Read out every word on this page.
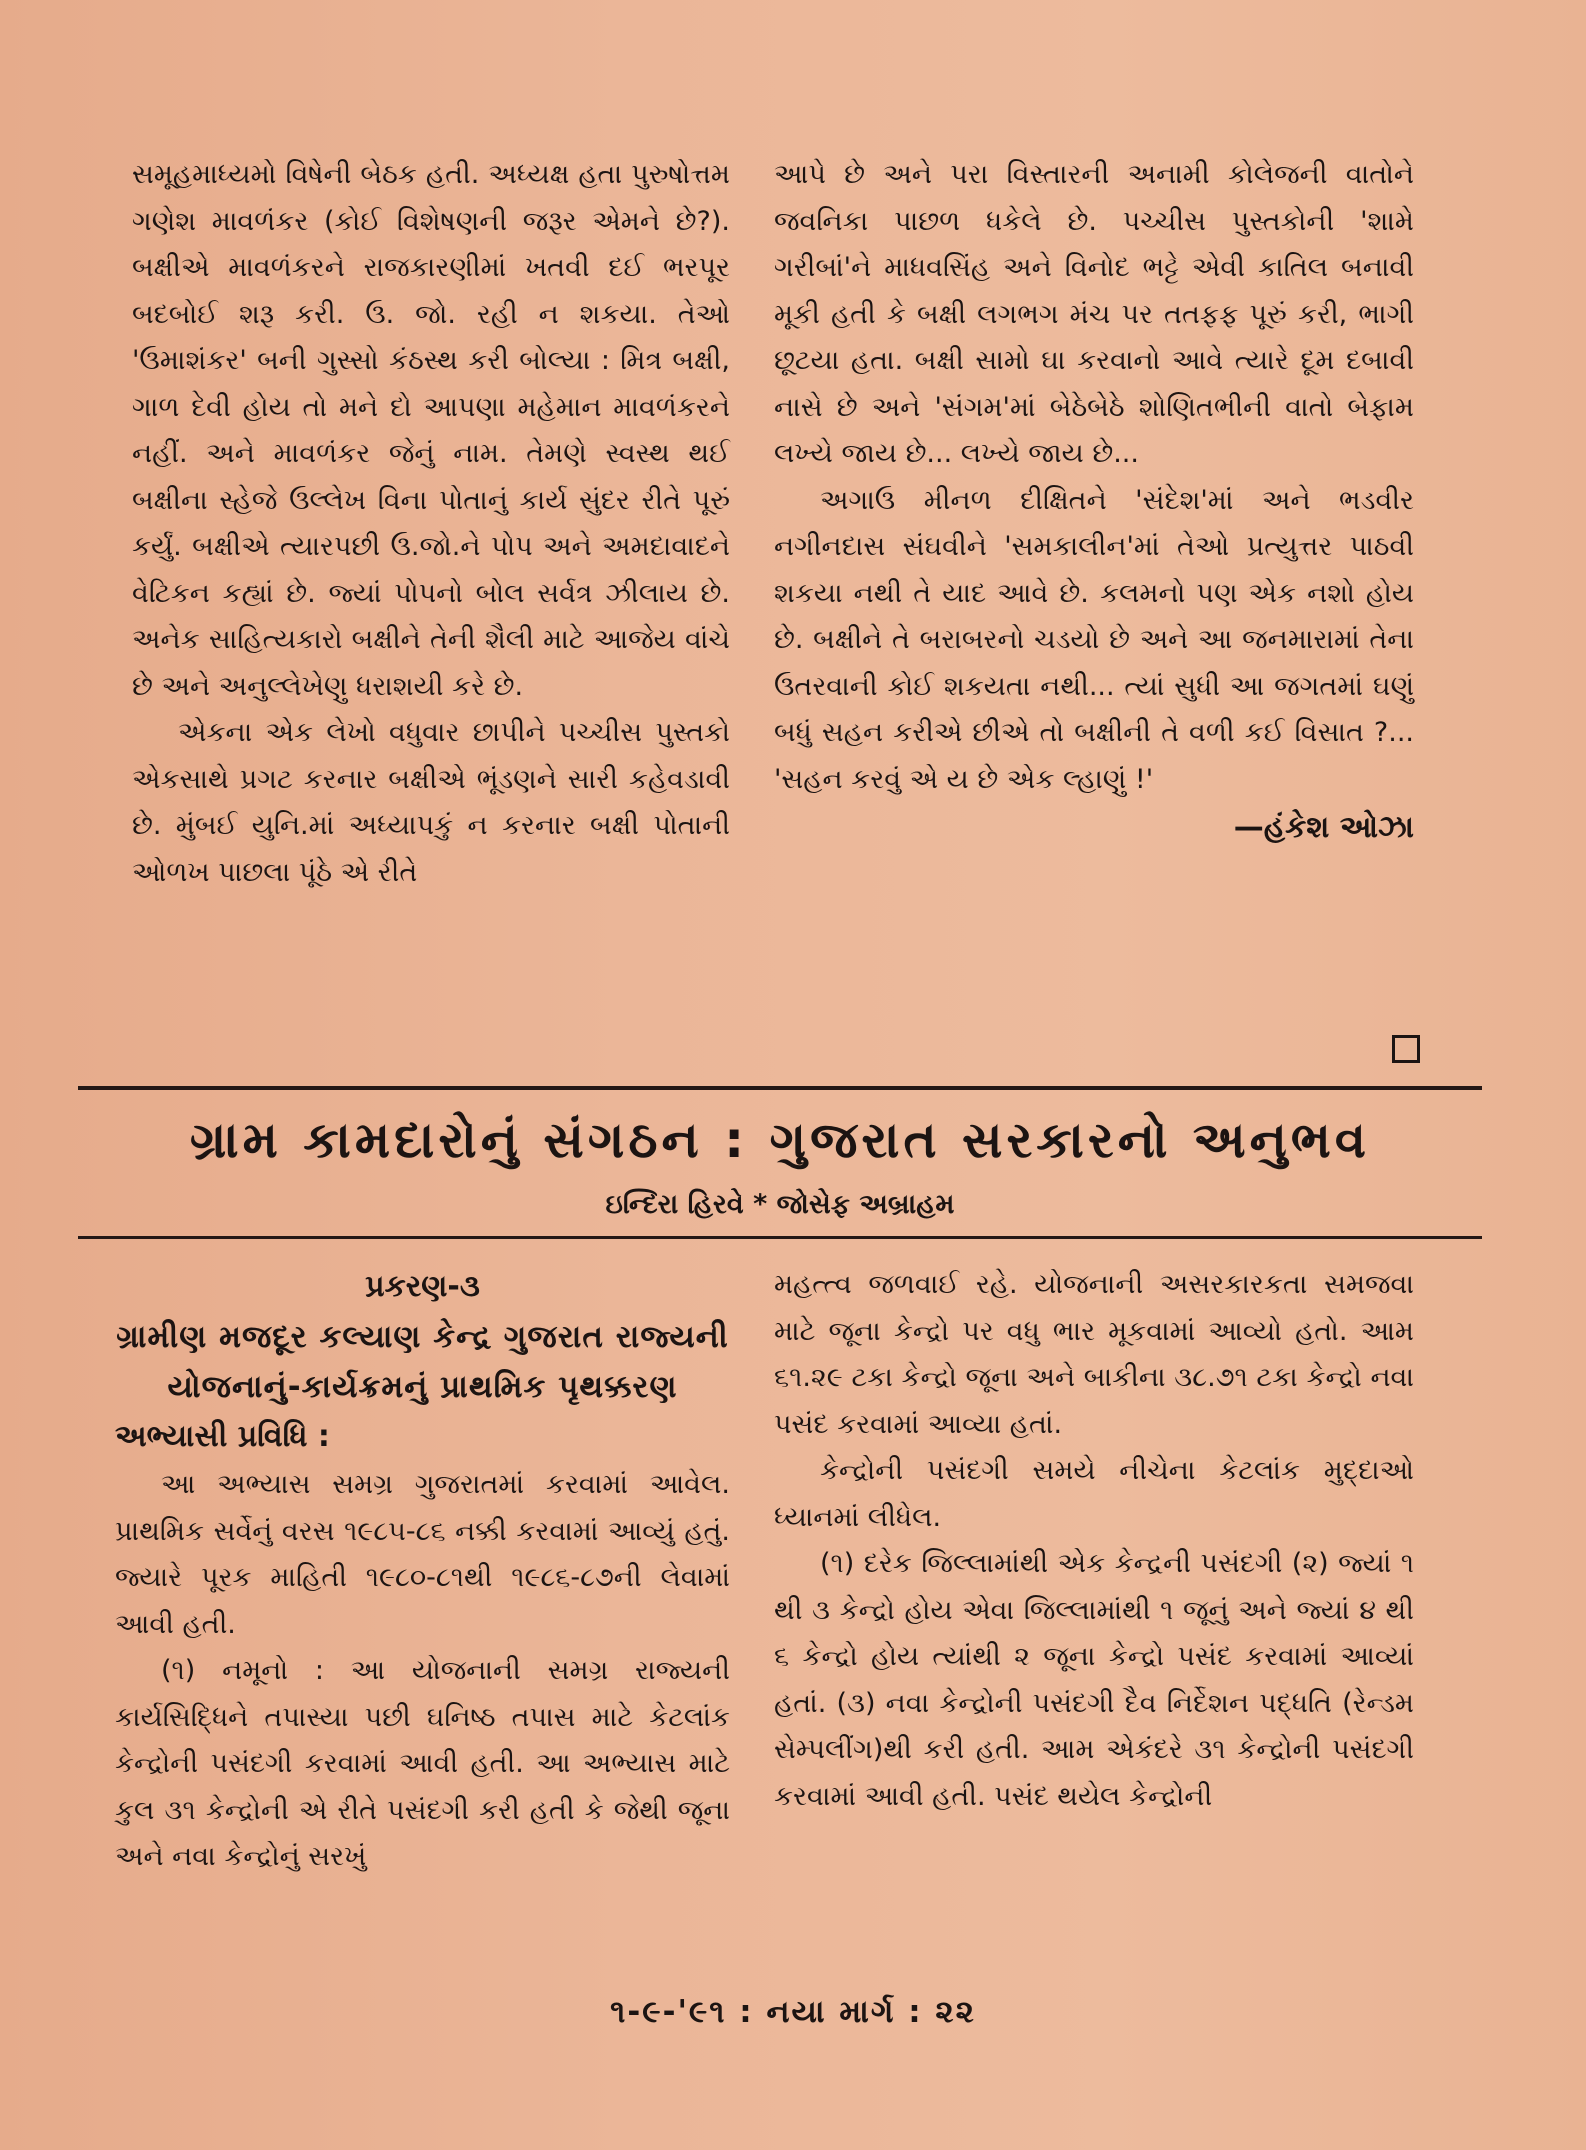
સમૂહમાધ્યમો વિષેની બેઠક હતી. અધ્યક્ષ હતા પુરુષોત્તમ ગણેશ માવળંકર (કોઈ વિશેષણની જરૂર એમને છે?). બક્ષીએ માવળંકરને રાજકારણીમાં ખતવી દઈ ભરપૂર બદબોઈ શરૂ કરી. ઉ. જો. રહી ન શકયા. તેઓ 'ઉમાશંકર' બની ગુસ્સો કંઠસ્થ કરી બોલ્યા : મિત્ર બક્ષી, ગાળ દેવી હોય તો મને દો આપણા મહેમાન માવળંકરને નહીં. અને માવળંકર જેનું નામ. તેમણે સ્વસ્થ થઈ બક્ષીના સ્હેજે ઉલ્લેખ વિના પોતાનું કાર્ય સુંદર રીતે પૂરું કર્યું. બક્ષીએ ત્યારપછી ઉ.જો.ને પોપ અને અમદાવાદને વેટિકન કહ્યાં છે. જ્યાં પોપનો બોલ સર્વત્ર ઝીલાય છે. અનેક સાહિત્યકારો બક્ષીને તેની શૈલી માટે આજેય વાંચે છે અને અનુલ્લેખેણુ ધરાશયી કરે છે.

એકના એક લેખો વધુવાર છાપીને પચ્ચીસ પુસ્તકો એકસાથે પ્રગટ કરનાર બક્ષીએ ભૂંડણને સારી કહેવડાવી છે. મુંબઈ યુનિ.માં અધ્યાપકું ન કરનાર બક્ષી પોતાની ઓળખ પાછલા પૂંઠે એ રીતે

આપે છે અને પરા વિસ્તારની અનામી કોલેજની વાતોને જવનિકા પાછળ ધકેલે છે. પચ્ચીસ પુસ્તકોની 'શામે ગરીબાં'ને માધવસિંહ અને વિનોદ ભટ્ટે એવી કાતિલ બનાવી મૂકી હતી કે બક્ષી લગભગ મંચ પર તતફફ પૂરું કરી, ભાગી છૂટયા હતા. બક્ષી સામો ઘા કરવાનો આવે ત્યારે દૂમ દબાવી નાસે છે અને 'સંગમ'માં બેઠેબેઠે શોણિતભીની વાતો બેફામ લખ્યે જાય છે... લખ્યે જાય છે...

અગાઉ મીનળ દીક્ષિતને 'સંદેશ'માં અને ભડવીર નગીનદાસ સંઘવીને 'સમકાલીન'માં તેઓ પ્રત્યુત્તર પાઠવી શકયા નથી તે યાદ આવે છે. કલમનો પણ એક નશો હોય છે. બક્ષીને તે બરાબરનો ચડયો છે અને આ જનમારામાં તેના ઉતરવાની કોઈ શકયતા નથી... ત્યાં સુધી આ જગતમાં ઘણું બધું સહન કરીએ છીએ તો બક્ષીની તે વળી કઈ વિસાત ?... 'સહન કરવું એ ય છે એક લ્હાણું !'

—હંકેશ ઓઝા

ગ્રામ કામદારોનું સંગઠન : ગુજરાત સરકારનો અનુભવ
ઇન્દિરા હિરવે * જોસેફ અબ્રાહમ

પ્રકરણ-૩

ગ્રામીણ મજદૂર કલ્યાણ કેન્દ્ર ગુજરાત રાજ્યની યોજનાનું-કાર્યક્રમનું પ્રાથમિક પૃથક્કરણ

અભ્યાસી પ્રવિધિ :

આ અભ્યાસ સમગ્ર ગુજરાતમાં કરવામાં આવેલ. પ્રાથમિક સર્વેનું વરસ ૧૯૮૫-૮૬ નક્કી કરવામાં આવ્યું હતું. જ્યારે પૂરક માહિતી ૧૯૮૦-૮૧થી ૧૯૮૬-૮૭ની લેવામાં આવી હતી.

(૧) નમૂનો : આ યોજનાની સમગ્ર રાજ્યની કાર્યસિદ્ધિને તપાસ્યા પછી ઘનિષ્ઠ તપાસ માટે કેટલાંક કેન્દ્રોની પસંદગી કરવામાં આવી હતી. આ અભ્યાસ માટે કુલ ૩૧ કેન્દ્રોની એ રીતે પસંદગી કરી હતી કે જેથી જૂના અને નવા કેન્દ્રોનું સરખું

મહત્ત્વ જળવાઈ રહે. યોજનાની અસરકારકતા સમજવા માટે જૂના કેન્દ્રો પર વધુ ભાર મૂકવામાં આવ્યો હતો. આમ ૬૧.૨૯ ટકા કેન્દ્રો જૂના અને બાકીના ૩૮.૭૧ ટકા કેન્દ્રો નવા પસંદ કરવામાં આવ્યા હતાં.

કેન્દ્રોની પસંદગી સમયે નીચેના કેટલાંક મુદ્દાઓ ધ્યાનમાં લીધેલ.

(૧) દરેક જિલ્લામાંથી એક કેન્દ્રની પસંદગી (૨) જ્યાં ૧ થી ૩ કેન્દ્રો હોય એવા જિલ્લામાંથી ૧ જૂનું અને જ્યાં ૪ થી ૬ કેન્દ્રો હોય ત્યાંથી ૨ જૂના કેન્દ્રો પસંદ કરવામાં આવ્યાં હતાં. (૩) નવા કેન્દ્રોની પસંદગી દૈવ નિર્દેશન પદ્ધતિ (રેન્ડમ સેમ્પલીંગ)થી કરી હતી. આમ એકંદરે ૩૧ કેન્દ્રોની પસંદગી કરવામાં આવી હતી. પસંદ થયેલ કેન્દ્રોની

૧-૯-'૯૧ : નયા માર્ગ : ૨૨
